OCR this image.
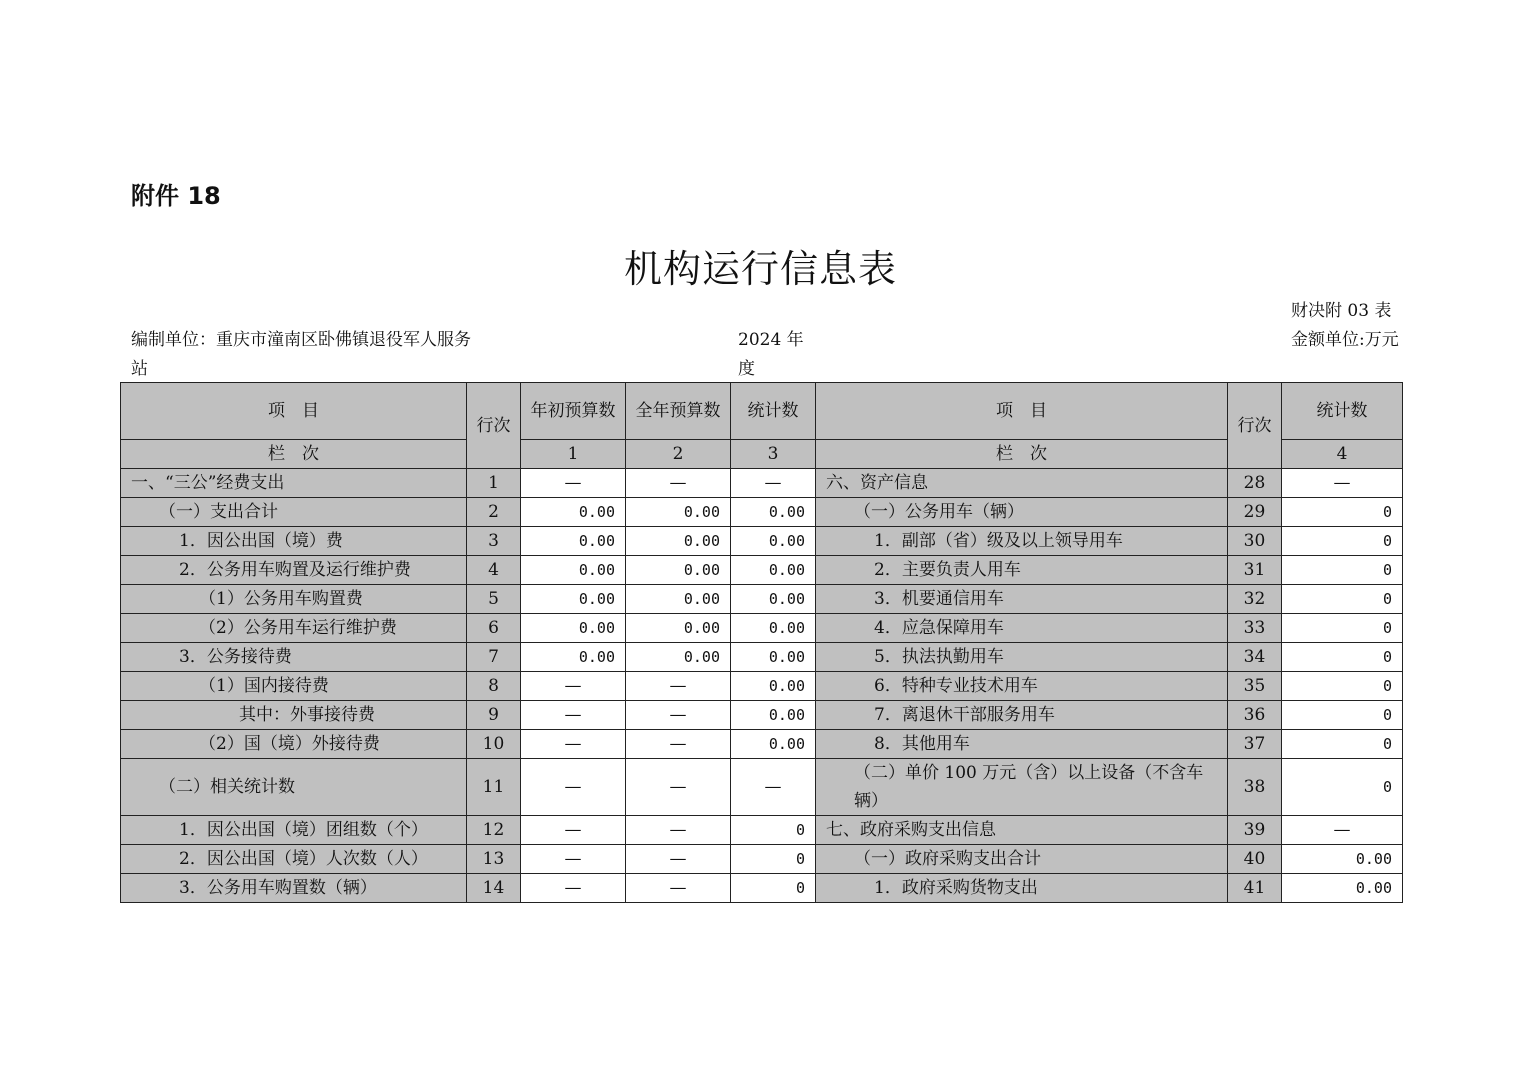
附件 18
机构运行信息表
财决附 03 表
金额单位:万元
编制单位：重庆市潼南区卧佛镇退役军人服务站
2024 年度
项　目	行次	年初预算数	全年预算数	统计数	项　目	行次	统计数
栏　次		1	2	3	栏　次		4
一、“三公”经费支出	1	—	—	—	六、资产信息	28	—
（一）支出合计	2	0.00	0.00	0.00	（一）公务用车（辆）	29	0
1．因公出国（境）费	3	0.00	0.00	0.00	1．副部（省）级及以上领导用车	30	0
2．公务用车购置及运行维护费	4	0.00	0.00	0.00	2．主要负责人用车	31	0
（1）公务用车购置费	5	0.00	0.00	0.00	3．机要通信用车	32	0
（2）公务用车运行维护费	6	0.00	0.00	0.00	4．应急保障用车	33	0
3．公务接待费	7	0.00	0.00	0.00	5．执法执勤用车	34	0
（1）国内接待费	8	—	—	0.00	6．特种专业技术用车	35	0
其中：外事接待费	9	—	—	0.00	7．离退休干部服务用车	36	0
（2）国（境）外接待费	10	—	—	0.00	8．其他用车	37	0
（二）相关统计数	11	—	—	—	（二）单价 100 万元（含）以上设备（不含车辆）	38	0
1．因公出国（境）团组数（个）	12	—	—	0	七、政府采购支出信息	39	—
2．因公出国（境）人次数（人）	13	—	—	0	（一）政府采购支出合计	40	0.00
3．公务用车购置数（辆）	14	—	—	0	1．政府采购货物支出	41	0.00
